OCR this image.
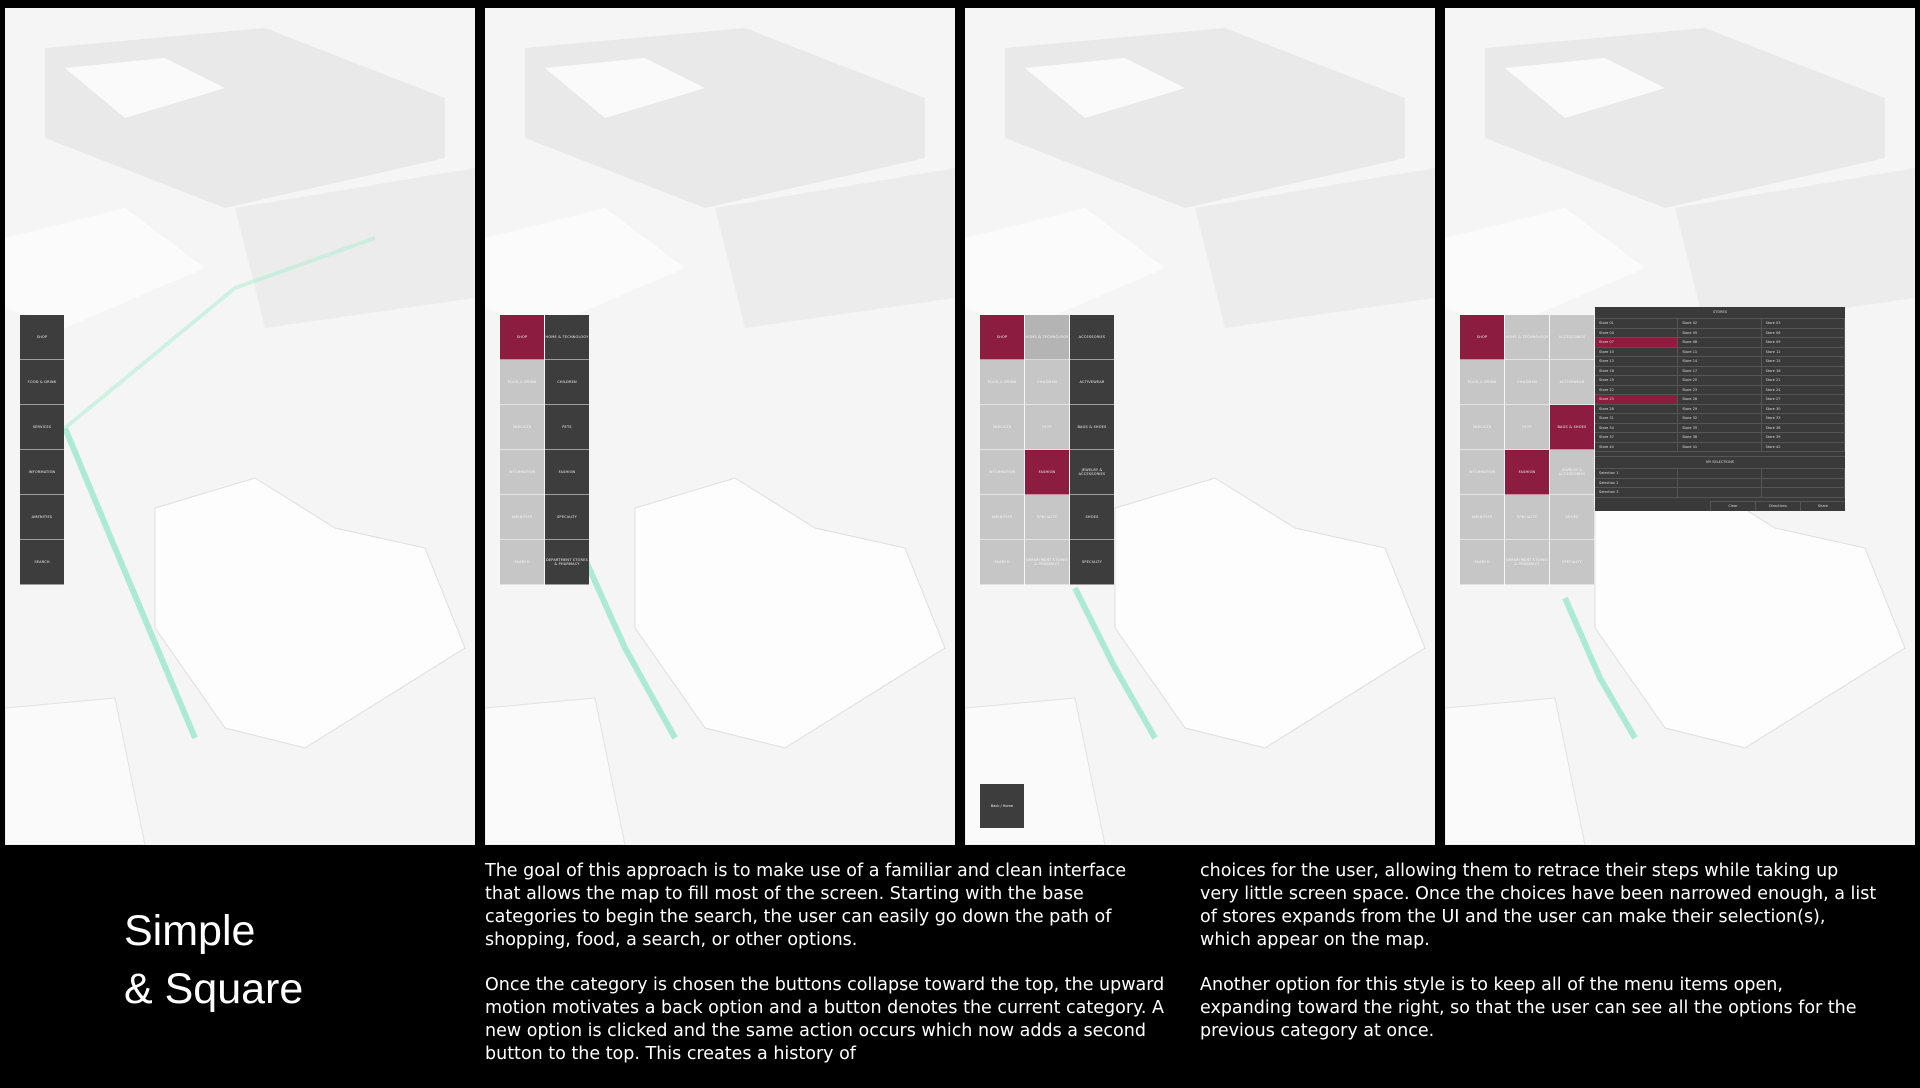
SHOP
FOOD & DRINK
SERVICES
INFORMATION
AMENITIES
SEARCH
SHOP
FOOD & DRINK
SERVICES
INFORMATION
AMENITIES
SEARCH
HOME & TECHNOLOGY
CHILDREN
PETS
FASHION
SPECIALTY
DEPARTMENT STORES & PHARMACY
SHOP
FOOD & DRINK
SERVICES
INFORMATION
AMENITIES
SEARCH
HOME & TECHNOLOGY
CHILDREN
PETS
FASHION
SPECIALTY
DEPARTMENT STORES & PHARMACY
ACCESSORIES
ACTIVEWEAR
BAGS & SHOES
JEWELRY & ACCESSORIES
SHOES
SPECIALTY
Back / Home
SHOP
FOOD & DRINK
SERVICES
INFORMATION
AMENITIES
SEARCH
HOME & TECHNOLOGY
CHILDREN
PETS
FASHION
SPECIALTY
DEPARTMENT STORES & PHARMACY
ACCESSORIES
ACTIVEWEAR
BAGS & SHOES
JEWELRY & ACCESSORIES
SHOES
SPECIALTY
STORES
Store 01	Store 02	Store 03
Store 04	Store 05	Store 06
Store 07	Store 08	Store 09
Store 10	Store 11	Store 12
Store 13	Store 14	Store 15
Store 16	Store 17	Store 18
Store 19	Store 20	Store 21
Store 22	Store 23	Store 24
Store 25	Store 26	Store 27
Store 28	Store 29	Store 30
Store 31	Store 32	Store 33
Store 34	Store 35	Store 36
Store 37	Store 38	Store 39
Store 40	Store 41	Store 42
MY SELECTIONS
Selection 1
Selection 2
Selection 3
Clear	Directions	Share
Simple
& Square

The goal of this approach is to make use of a familiar and clean interface that allows the map to fill most of the screen. Starting with the base categories to begin the search, the user can easily go down the path of shopping, food, a search, or other options.

Once the category is chosen the buttons collapse toward the top, the upward motion motivates a back option and a button denotes the current category. A new option is clicked and the same action occurs which now adds a second button to the top. This creates a history of

choices for the user, allowing them to retrace their steps while taking up very little screen space. Once the choices have been narrowed enough, a list of stores expands from the UI and the user can make their selection(s), which appear on the map.

Another option for this style is to keep all of the menu items open, expanding toward the right, so that the user can see all the options for the previous category at once.
